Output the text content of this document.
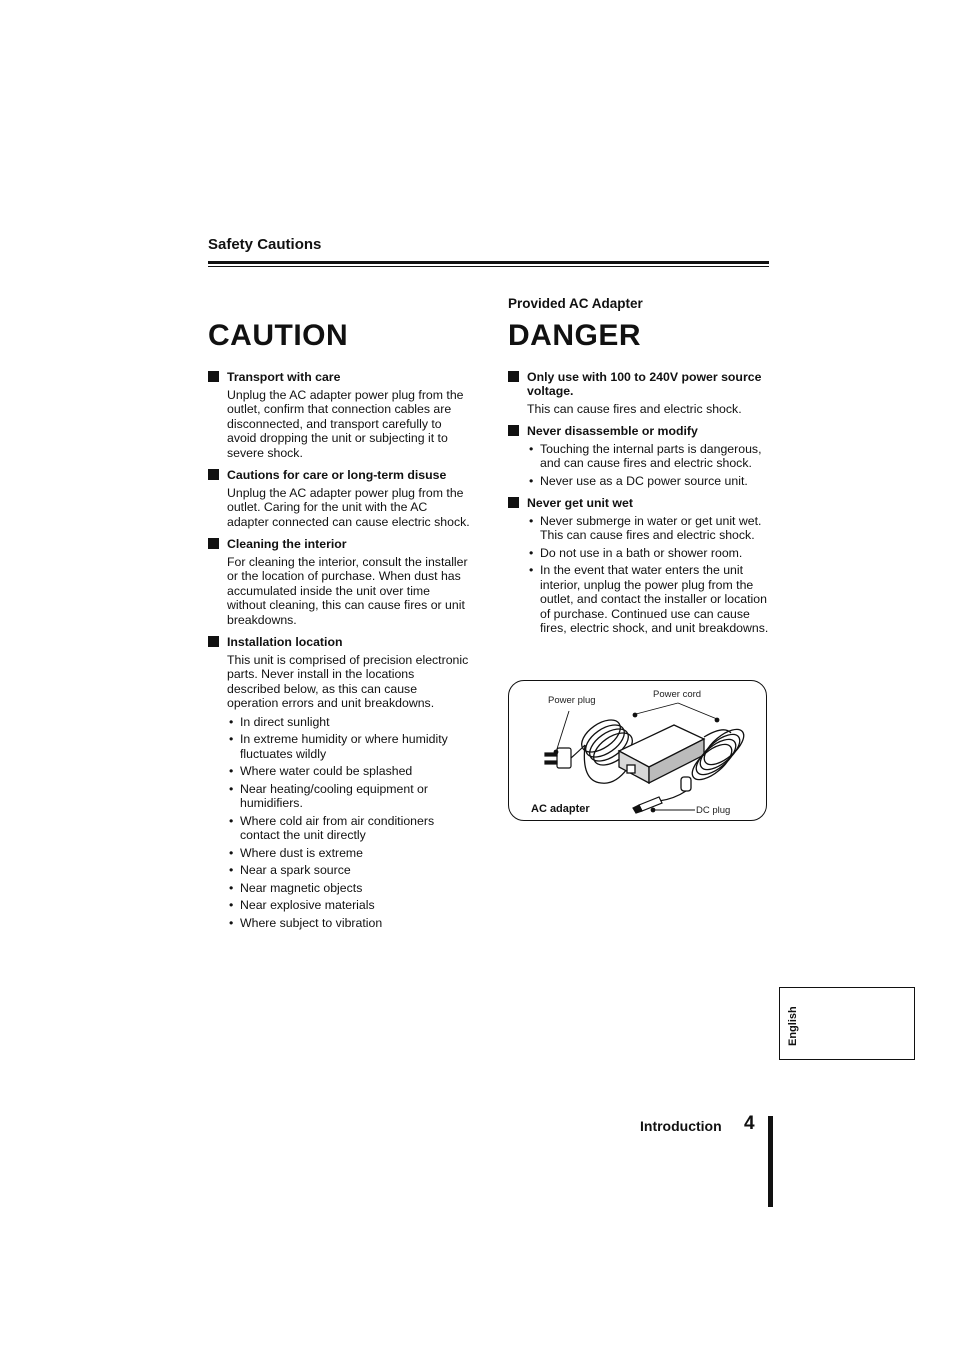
Safety Cautions
CAUTION
Transport with care

Unplug the AC adapter power plug from the outlet, confirm that connection cables are disconnected, and transport carefully to avoid dropping the unit or subjecting it to severe shock.

Cautions for care or long-term disuse

Unplug the AC adapter power plug from the outlet. Caring for the unit with the AC adapter connected can cause electric shock.

Cleaning the interior

For cleaning the interior, consult the installer or the location of purchase. When dust has accumulated inside the unit over time without cleaning, this can cause fires or unit breakdowns.

Installation location

This unit is comprised of precision electronic parts. Never install in the locations described below, as this can cause operation errors and unit breakdowns.

• In direct sunlight
• In extreme humidity or where humidity fluctuates wildly
• Where water could be splashed
• Near heating/cooling equipment or humidifiers.
• Where cold air from air conditioners contact the unit directly
• Where dust is extreme
• Near a spark source
• Near magnetic objects
• Near explosive materials
• Where subject to vibration
Provided AC Adapter
DANGER
Only use with 100 to 240V power source voltage.

This can cause fires and electric shock.

Never disassemble or modify
• Touching the internal parts is dangerous, and can cause fires and electric shock.
• Never use as a DC power source unit.
Never get unit wet
• Never submerge in water or get unit wet. This can cause fires and electric shock.
• Do not use in a bath or shower room.
• In the event that water enters the unit interior, unplug the power plug from the outlet, and contact the installer or location of purchase. Continued use can cause fires, electric shock, and unit breakdowns.
Power plug
Power cord
AC adapter	DC plug
English
Introduction 4
